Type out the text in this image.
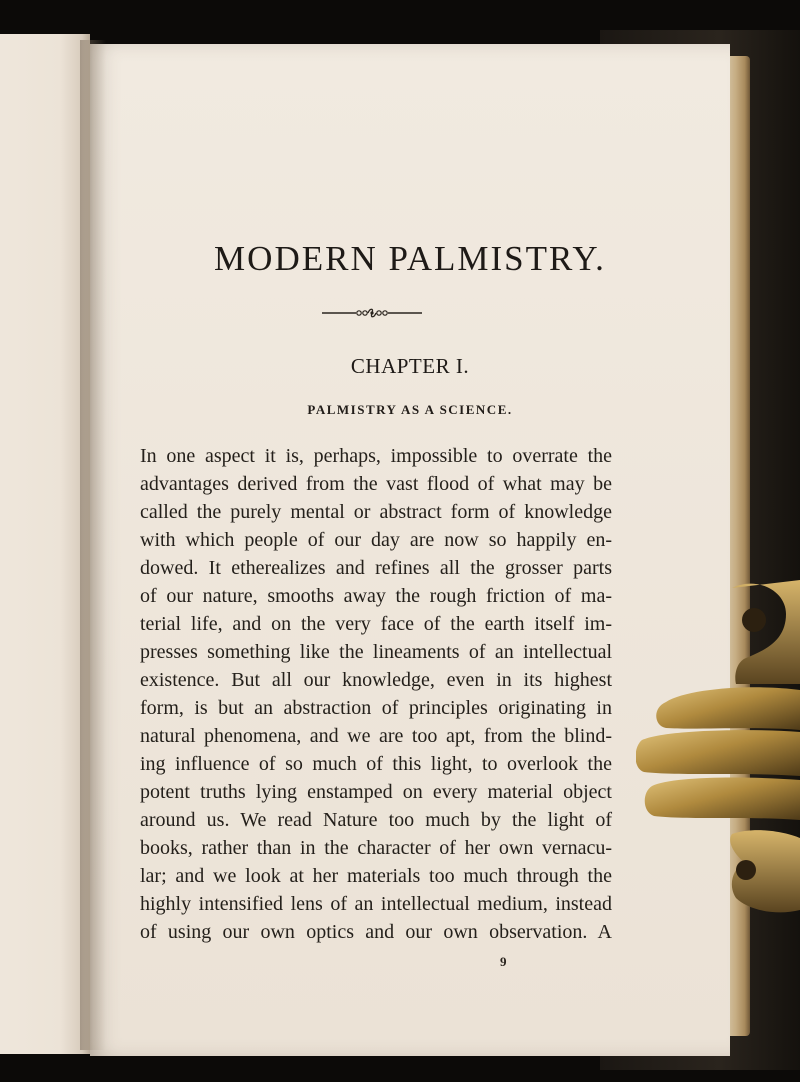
MODERN PALMISTRY.
CHAPTER I.
PALMISTRY AS A SCIENCE.
In one aspect it is, perhaps, impossible to overrate the
advantages derived from the vast flood of what may be
called the purely mental or abstract form of knowledge
with which people of our day are now so happily en-
dowed. It etherealizes and refines all the grosser parts
of our nature, smooths away the rough friction of ma-
terial life, and on the very face of the earth itself im-
presses something like the lineaments of an intellectual
existence. But all our knowledge, even in its highest
form, is but an abstraction of principles originating in
natural phenomena, and we are too apt, from the blind-
ing influence of so much of this light, to overlook the
potent truths lying enstamped on every material object
around us. We read Nature too much by the light of
books, rather than in the character of her own vernacu-
lar; and we look at her materials too much through the
highly intensified lens of an intellectual medium, instead
of using our own optics and our own observation. A

9
